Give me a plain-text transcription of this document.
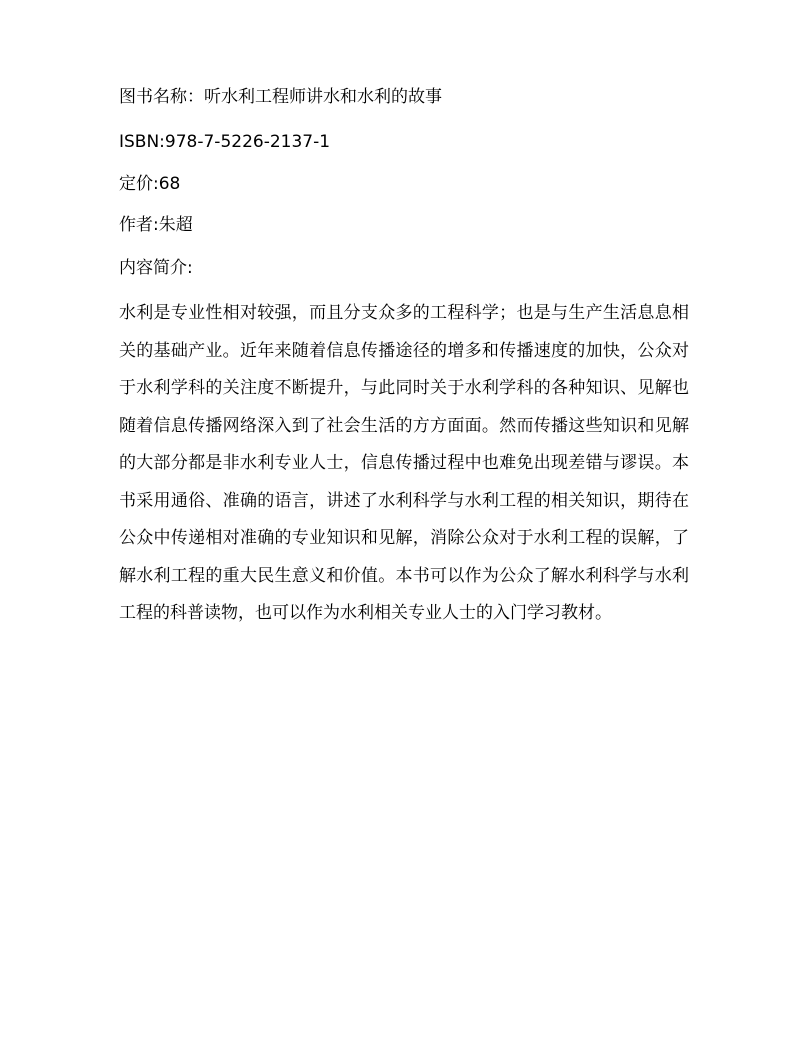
图书名称：听水利工程师讲水和水利的故事
ISBN:978-7-5226-2137-1
定价:68
作者:朱超
内容简介:
水利是专业性相对较强，而且分支众多的工程科学；也是与生产生活息息相关的基础产业。近年来随着信息传播途径的增多和传播速度的加快，公众对于水利学科的关注度不断提升，与此同时关于水利学科的各种知识、见解也随着信息传播网络深入到了社会生活的方方面面。然而传播这些知识和见解的大部分都是非水利专业人士，信息传播过程中也难免出现差错与谬误。本书采用通俗、准确的语言，讲述了水利科学与水利工程的相关知识，期待在公众中传递相对准确的专业知识和见解，消除公众对于水利工程的误解，了解水利工程的重大民生意义和价值。本书可以作为公众了解水利科学与水利工程的科普读物，也可以作为水利相关专业人士的入门学习教材。
